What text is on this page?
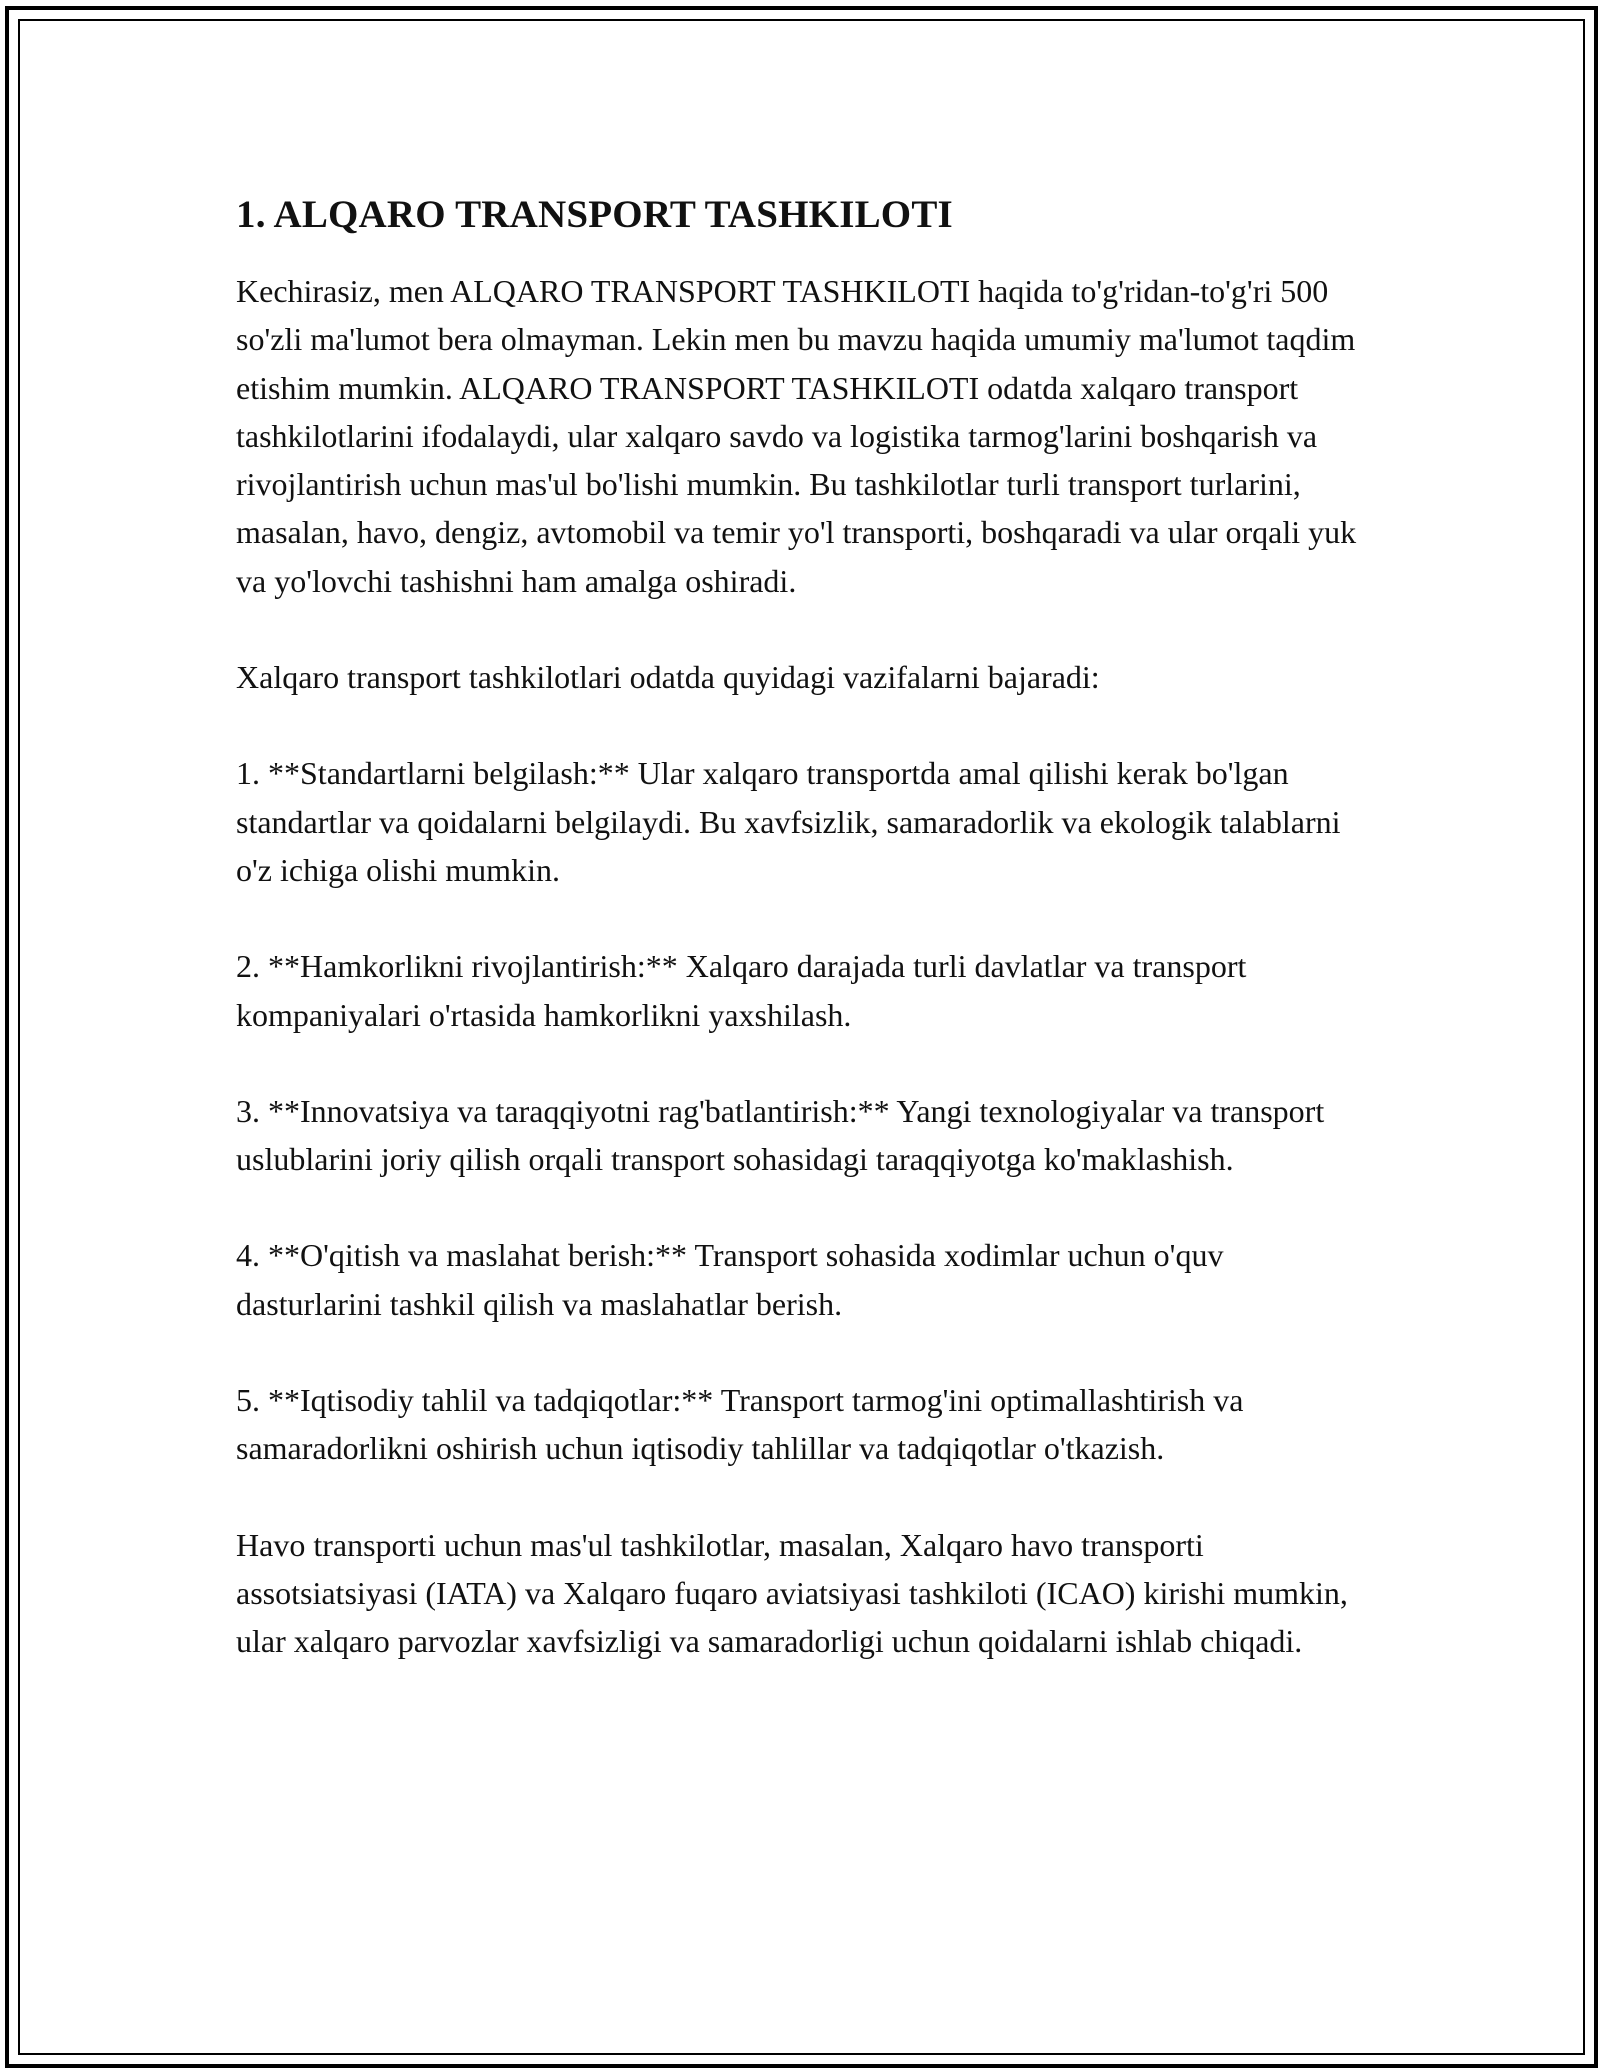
1. ALQARO TRANSPORT TASHKILOTI

Kechirasiz, men ALQARO TRANSPORT TASHKILOTI haqida to'g'ridan-to'g'ri 500 so'zli ma'lumot bera olmayman. Lekin men bu mavzu haqida umumiy ma'lumot taqdim etishim mumkin. ALQARO TRANSPORT TASHKILOTI odatda xalqaro transport tashkilotlarini ifodalaydi, ular xalqaro savdo va logistika tarmog'larini boshqarish va rivojlantirish uchun mas'ul bo'lishi mumkin. Bu tashkilotlar turli transport turlarini, masalan, havo, dengiz, avtomobil va temir yo'l transporti, boshqaradi va ular orqali yuk va yo'lovchi tashishni ham amalga oshiradi.

Xalqaro transport tashkilotlari odatda quyidagi vazifalarni bajaradi:

1. **Standartlarni belgilash:** Ular xalqaro transportda amal qilishi kerak bo'lgan standartlar va qoidalarni belgilaydi. Bu xavfsizlik, samaradorlik va ekologik talablarni o'z ichiga olishi mumkin.

2. **Hamkorlikni rivojlantirish:** Xalqaro darajada turli davlatlar va transport kompaniyalari o'rtasida hamkorlikni yaxshilash.

3. **Innovatsiya va taraqqiyotni rag'batlantirish:** Yangi texnologiyalar va transport uslublarini joriy qilish orqali transport sohasidagi taraqqiyotga ko'maklashish.

4. **O'qitish va maslahat berish:** Transport sohasida xodimlar uchun o'quv dasturlarini tashkil qilish va maslahatlar berish.

5. **Iqtisodiy tahlil va tadqiqotlar:** Transport tarmog'ini optimallashtirish va samaradorlikni oshirish uchun iqtisodiy tahlillar va tadqiqotlar o'tkazish.

Havo transporti uchun mas'ul tashkilotlar, masalan, Xalqaro havo transporti assotsiatsiyasi (IATA) va Xalqaro fuqaro aviatsiyasi tashkiloti (ICAO) kirishi mumkin, ular xalqaro parvozlar xavfsizligi va samaradorligi uchun qoidalarni ishlab chiqadi.
